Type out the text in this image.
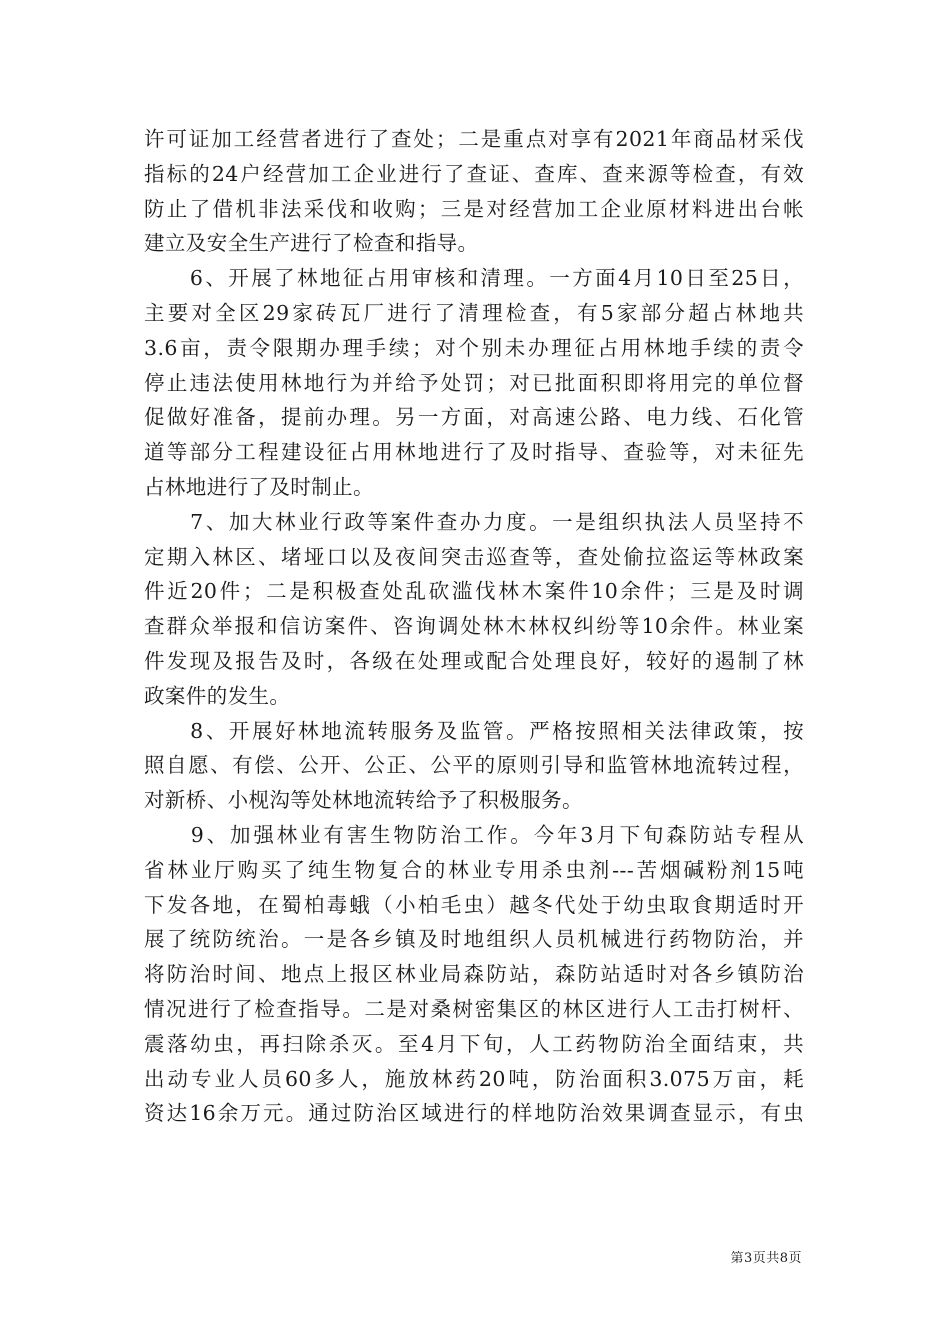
许可证加工经营者进行了查处；二是重点对享有2021年商品材采伐
指标的24户经营加工企业进行了查证、查库、查来源等检查，有效
防止了借机非法采伐和收购；三是对经营加工企业原材料进出台帐
建立及安全生产进行了检查和指导。
　　6、开展了林地征占用审核和清理。一方面4月10日至25日，
主要对全区29家砖瓦厂进行了清理检查，有5家部分超占林地共
3.6亩，责令限期办理手续；对个别未办理征占用林地手续的责令
停止违法使用林地行为并给予处罚；对已批面积即将用完的单位督
促做好准备，提前办理。另一方面，对高速公路、电力线、石化管
道等部分工程建设征占用林地进行了及时指导、查验等，对未征先
占林地进行了及时制止。
　　7、加大林业行政等案件查办力度。一是组织执法人员坚持不
定期入林区、堵垭口以及夜间突击巡查等，查处偷拉盗运等林政案
件近20件；二是积极查处乱砍滥伐林木案件10余件；三是及时调
查群众举报和信访案件、咨询调处林木林权纠纷等10余件。林业案
件发现及报告及时，各级在处理或配合处理良好，较好的遏制了林
政案件的发生。
　　8、开展好林地流转服务及监管。严格按照相关法律政策，按
照自愿、有偿、公开、公正、公平的原则引导和监管林地流转过程，
对新桥、小枧沟等处林地流转给予了积极服务。
　　9、加强林业有害生物防治工作。今年3月下旬森防站专程从
省林业厅购买了纯生物复合的林业专用杀虫剂---苦烟碱粉剂15吨
下发各地，在蜀柏毒蛾（小柏毛虫）越冬代处于幼虫取食期适时开
展了统防统治。一是各乡镇及时地组织人员机械进行药物防治，并
将防治时间、地点上报区林业局森防站，森防站适时对各乡镇防治
情况进行了检查指导。二是对桑树密集区的林区进行人工击打树杆、
震落幼虫，再扫除杀灭。至4月下旬，人工药物防治全面结束，共
出动专业人员60多人，施放林药20吨，防治面积3.075万亩，耗
资达16余万元。通过防治区域进行的样地防治效果调查显示，有虫
第3页共8页
